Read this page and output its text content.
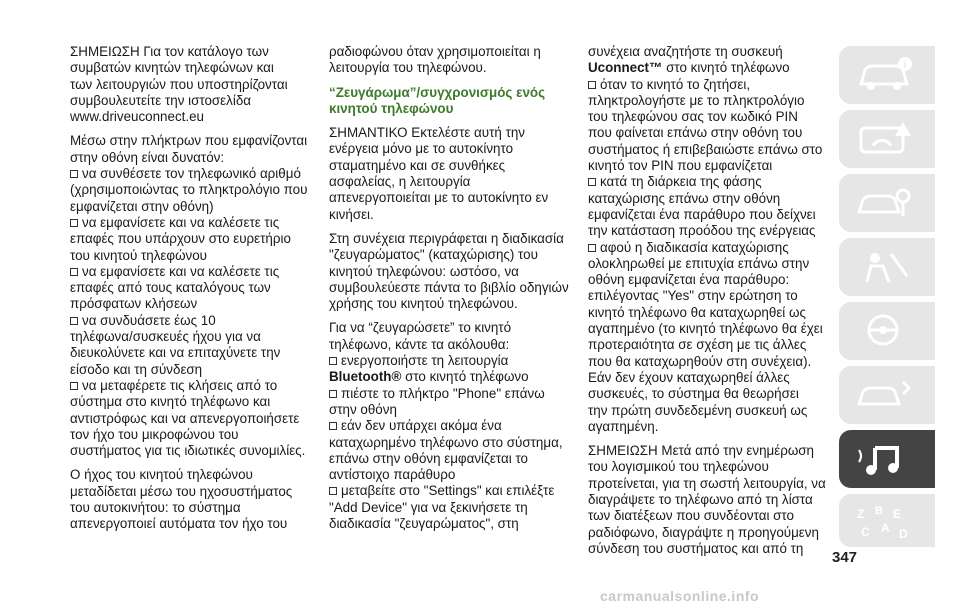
ΣΗΜΕΙΩΣΗ Για τον κατάλογο των
συμβατών κινητών τηλεφώνων και
των λειτουργιών που υποστηρίζονται
συμβουλευτείτε την ιστοσελίδα
www.driveuconnect.eu

Μέσω στην πλήκτρων που εμφανίζονται
στην οθόνη είναι δυνατόν:
να συνθέσετε τον τηλεφωνικό αριθμό
(χρησιμοποιώντας το πληκτρολόγιο που
εμφανίζεται στην οθόνη)
να εμφανίσετε και να καλέσετε τις
επαφές που υπάρχουν στο ευρετήριο
του κινητού τηλεφώνου
να εμφανίσετε και να καλέσετε τις
επαφές από τους καταλόγους των
πρόσφατων κλήσεων
να συνδυάσετε έως 10
τηλέφωνα/συσκευές ήχου για να
διευκολύνετε και να επιταχύνετε την
είσοδο και τη σύνδεση
να μεταφέρετε τις κλήσεις από το
σύστημα στο κινητό τηλέφωνο και
αντιστρόφως και να απενεργοποιήσετε
τον ήχο του μικροφώνου του
συστήματος για τις ιδιωτικές συνομιλίες.

Ο ήχος του κινητού τηλεφώνου
μεταδίδεται μέσω του ηχοσυστήματος
του αυτοκινήτου: το σύστημα
απενεργοποιεί αυτόματα τον ήχο του

ραδιοφώνου όταν χρησιμοποιείται η
λειτουργία του τηλεφώνου.

“Ζευγάρωμα”/συγχρονισμός ενός
κινητού τηλεφώνου

ΣΗΜΑΝΤΙΚΟ Εκτελέστε αυτή την
ενέργεια μόνο με το αυτοκίνητο
σταματημένο και σε συνθήκες
ασφαλείας, η λειτουργία
απενεργοποιείται με το αυτοκίνητο εν
κινήσει.

Στη συνέχεια περιγράφεται η διαδικασία
"ζευγαρώματος" (καταχώρισης) του
κινητού τηλεφώνου: ωστόσο, να
συμβουλεύεστε πάντα το βιβλίο οδηγιών
χρήσης του κινητού τηλεφώνου.

Για να “ζευγαρώσετε” το κινητό
τηλέφωνο, κάντε τα ακόλουθα:
ενεργοποιήστε τη λειτουργία
Bluetooth® στο κινητό τηλέφωνο
πιέστε το πλήκτρο "Phone" επάνω
στην οθόνη
εάν δεν υπάρχει ακόμα ένα
καταχωρημένο τηλέφωνο στο σύστημα,
επάνω στην οθόνη εμφανίζεται το
αντίστοιχο παράθυρο
μεταβείτε στο "Settings" και επιλέξτε
"Add Device" για να ξεκινήσετε τη
διαδικασία "ζευγαρώματος", στη
συνέχεια αναζητήστε τη συσκευή
Uconnect™ στο κινητό τηλέφωνο
όταν το κινητό το ζητήσει,
πληκτρολογήστε με το πληκτρολόγιο
του τηλεφώνου σας τον κωδικό PIN
που φαίνεται επάνω στην οθόνη του
συστήματος ή επιβεβαιώστε επάνω στο
κινητό τον PIN που εμφανίζεται
κατά τη διάρκεια της φάσης
καταχώρισης επάνω στην οθόνη
εμφανίζεται ένα παράθυρο που δείχνει
την κατάσταση προόδου της ενέργειας
αφού η διαδικασία καταχώρισης
ολοκληρωθεί με επιτυχία επάνω στην
οθόνη εμφανίζεται ένα παράθυρο:
επιλέγοντας "Yes" στην ερώτηση το
κινητό τηλέφωνο θα καταχωρηθεί ως
αγαπημένο (το κινητό τηλέφωνο θα έχει
προτεραιότητα σε σχέση με τις άλλες
που θα καταχωρηθούν στη συνέχεια).
Εάν δεν έχουν καταχωρηθεί άλλες
συσκευές, το σύστημα θα θεωρήσει
την πρώτη συνδεδεμένη συσκευή ως
αγαπημένη.

ΣΗΜΕΙΩΣΗ Μετά από την ενημέρωση
του λογισμικού του τηλεφώνου
προτείνεται, για τη σωστή λειτουργία, να
διαγράψετε το τηλέφωνο από τη λίστα
των διατέξεων που συνδέονται στο
ραδιόφωνο, διαγράψτε η προηγούμενη
σύνδεση του συστήματος και από τη

i
Z B E
C A D
347
carmanualsonline.info
